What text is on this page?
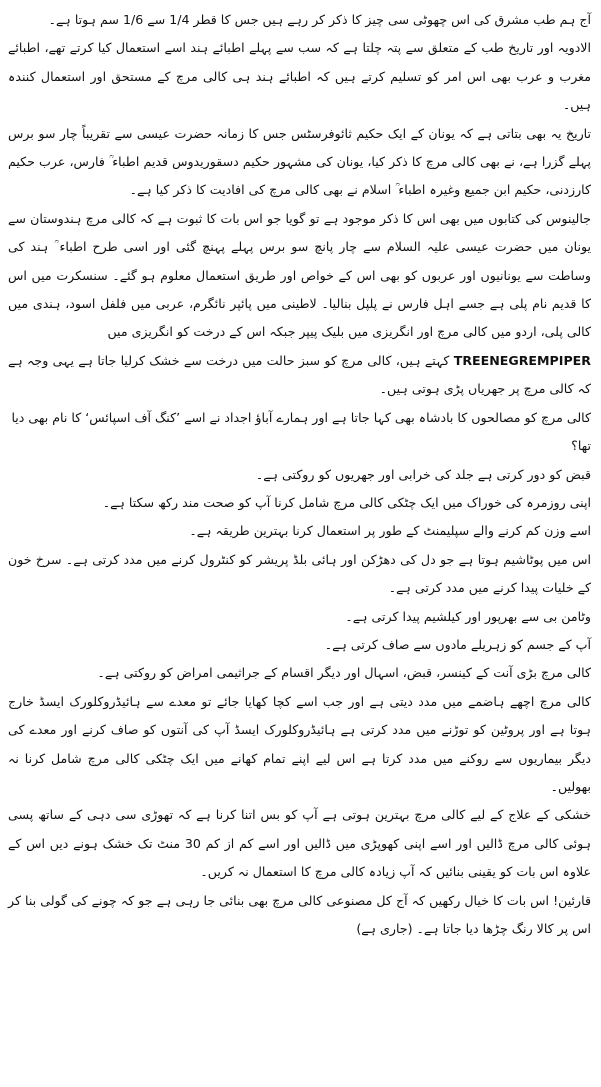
آج ہم طب مشرق کی اس چھوٹی سی چیز کا ذکر کر رہے ہیں جس کا قطر 1/4 سے 1/6 سم ہوتا ہے۔

الادویہ اور تاریخ طب کے متعلق سے پتہ چلتا ہے کہ سب سے پہلے اطبائے ہند اسے استعمال کیا کرتے تھے، اطبائے مغرب و عرب بھی اس امر کو تسلیم کرتے ہیں کہ اطبائے ہند ہی کالی مرچ کے مستحق اور استعمال کنندہ ہیں۔

تاریخ یہ بھی بتاتی ہے کہ یونان کے ایک حکیم ثائوفرسٹس جس کا زمانہ حضرت عیسی سے تقریباً چار سو برس پہلے گزرا ہے، نے بھی کالی مرچ کا ذکر کیا، یونان کی مشہور حکیم دسقوریدوس قدیم اطباء ؒ فارس، عرب حکیم کارزدنی، حکیم ابن جمیع وغیرہ اطباء ؒ اسلام نے بھی کالی مرچ کی افادیت کا ذکر کیا ہے۔

جالینوس کی کتابوں میں بھی اس کا ذکر موجود ہے تو گویا جو اس بات کا ثبوت ہے کہ کالی مرچ ہندوستان سے یونان میں حضرت عیسی علیہ السلام سے چار پانچ سو برس پہلے پہنچ گئی اور اسی طرح اطباء ؒ ہند کی وساطت سے یونانیوں اور عربوں کو بھی اس کے خواص اور طریق استعمال معلوم ہو گئے۔ سنسکرت میں اس کا قدیم نام پلی ہے جسے اہل فارس نے پلپل بنالیا۔ لاطینی میں پائپر نائگرم، عربی میں فلفل اسود، ہندی میں کالی پلی، اردو میں کالی مرچ اور انگریزی میں بلیک پیپر جبکہ اس کے درخت کو انگریزی میں

TREENEGREMPIPER کہتے ہیں، کالی مرچ کو سبز حالت میں درخت سے خشک کرلیا جاتا ہے یہی وجہ ہے کہ کالی مرچ پر جھریاں پڑی ہوتی ہیں۔

کالی مرچ کو مصالحوں کا بادشاہ بھی کہا جاتا ہے اور ہمارے آباؤ اجداد نے اسے ’کنگ آف اسپائس‘ کا نام بھی دیا تھا؟

قبض کو دور کرتی ہے جلد کی خرابی اور جھریوں کو روکتی ہے۔

اپنی روزمرہ کی خوراک میں ایک چٹکی کالی مرچ شامل کرنا آپ کو صحت مند رکھ سکتا ہے۔

اسے وزن کم کرنے والے سپلیمنٹ کے طور پر استعمال کرنا بہترین طریقہ ہے۔

اس میں پوٹاشیم ہوتا ہے جو دل کی دھڑکن اور ہائی بلڈ پریشر کو کنٹرول کرنے میں مدد کرتی ہے۔ سرخ خون کے خلیات پیدا کرنے میں مدد کرتی ہے۔

وٹامن بی سے بھرپور اور کیلشیم پیدا کرتی ہے۔

آپ کے جسم کو زہریلے مادوں سے صاف کرتی ہے۔

کالی مرچ بڑی آنت کے کینسر، قبض، اسہال اور دیگر اقسام کے جراثیمی امراض کو روکتی ہے۔

کالی مرچ اچھے ہاضمے میں مدد دیتی ہے اور جب اسے کچا کھایا جائے تو معدے سے ہائیڈروکلورک ایسڈ خارج ہوتا ہے اور پروٹین کو توڑنے میں مدد کرتی ہے ہائیڈروکلورک ایسڈ آپ کی آنتوں کو صاف کرنے اور معدے کی دیگر بیماریوں سے روکنے میں مدد کرتا ہے اس لیے اپنے تمام کھانے میں ایک چٹکی کالی مرچ شامل کرنا نہ بھولیں۔

خشکی کے علاج کے لیے کالی مرچ بہترین ہوتی ہے آپ کو بس اتنا کرنا ہے کہ تھوڑی سی دہی کے ساتھ پسی ہوئی کالی مرچ ڈالیں اور اسے اپنی کھوپڑی میں ڈالیں اور اسے کم از کم 30 منٹ تک خشک ہونے دیں اس کے علاوہ اس بات کو یقینی بنائیں کہ آپ زیادہ کالی مرچ کا استعمال نہ کریں۔

قارئین! اس بات کا خیال رکھیں کہ آج کل مصنوعی کالی مرچ بھی بنائی جا رہی ہے جو کہ چونے کی گولی بنا کر اس پر کالا رنگ چڑھا دیا جاتا ہے۔ (جاری ہے)
